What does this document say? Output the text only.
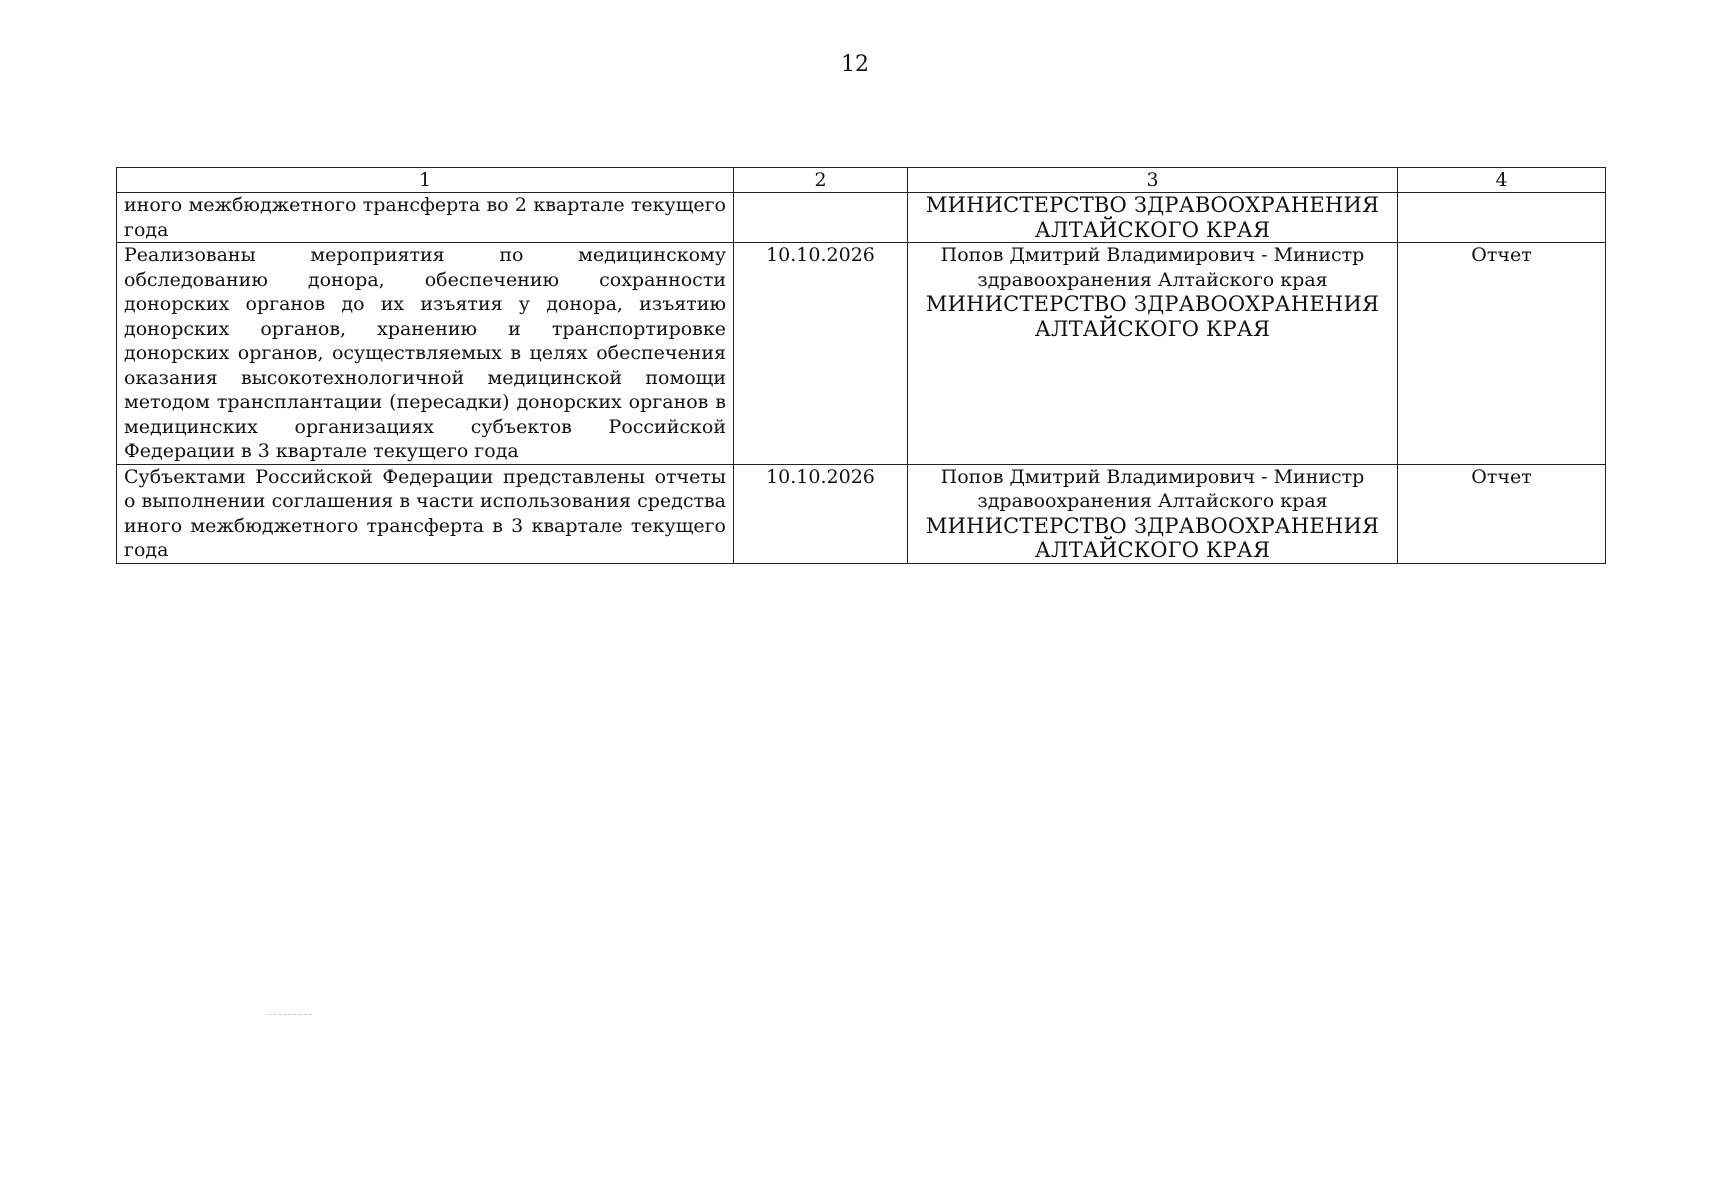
12
1	2	3	4
иного межбюджетного трансферта во 2 квартале текущего года		МИНИСТЕРСТВО ЗДРАВООХРАНЕНИЯ АЛТАЙСКОГО КРАЯ	

Реализованы мероприятия по медицинскому обследованию донора, обеспечению сохранности донорских органов до их изъятия у донора, изъятию донорских органов, хранению и транспортировке донорских органов, осуществляемых в целях обеспечения оказания высокотехнологичной медицинской помощи методом трансплантации (пересадки) донорских органов в медицинских организациях субъектов Российской Федерации в 3 квартале текущего года	10.10.2026	Попов Дмитрий Владимирович - Министр здравоохранения Алтайского края
МИНИСТЕРСТВО ЗДРАВООХРАНЕНИЯ АЛТАЙСКОГО КРАЯ	Отчет
Субъектами Российской Федерации представлены отчеты о выполнении соглашения в части использования средства иного межбюджетного трансферта в 3 квартале текущего года	10.10.2026	Попов Дмитрий Владимирович - Министр здравоохранения Алтайского края
МИНИСТЕРСТВО ЗДРАВООХРАНЕНИЯ АЛТАЙСКОГО КРАЯ	Отчет
